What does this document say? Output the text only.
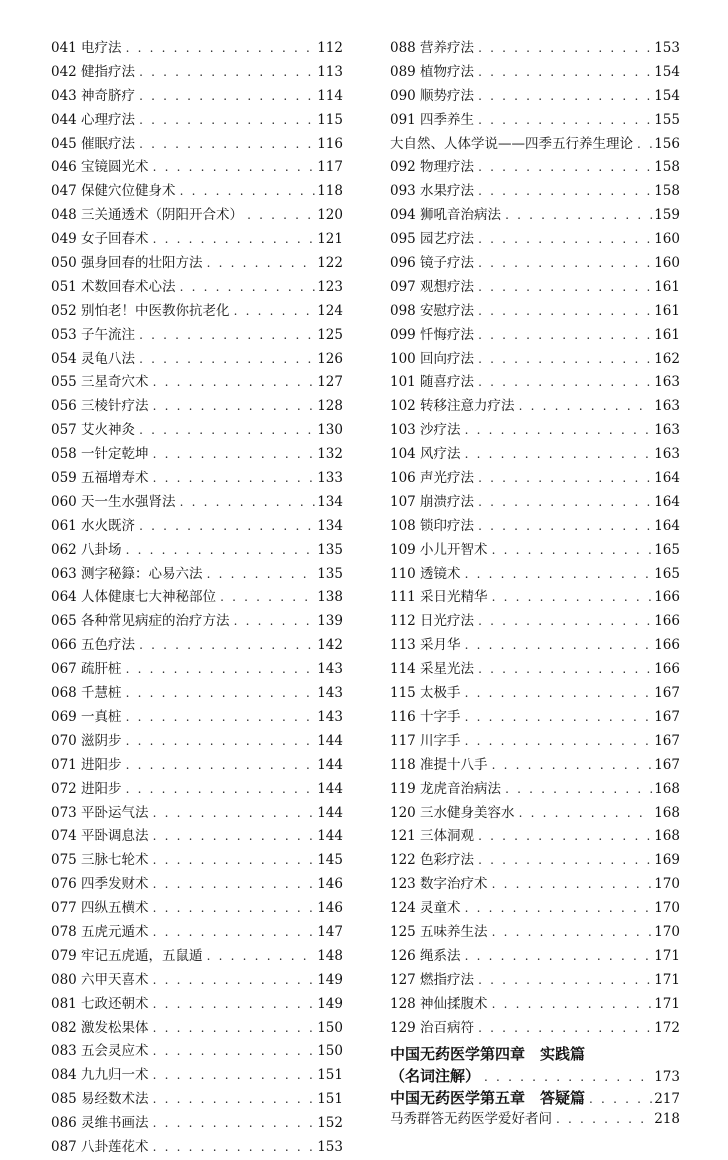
041 电疗法 . . .	112
042 健指疗法 . . .	113
043 神奇脐疗 . . .	114
044 心理疗法 . . .	115
045 催眠疗法 . . .	116
046 宝镜圆光术 . . .	117
047 保健穴位健身术 . . .	118
048 三关通透术（阴阳开合术） . . .	120
049 女子回春术 . . .	121
050 强身回春的壮阳方法 . . .	122
051 术数回春术心法 . . .	123
052 别怕老！中医教你抗老化 . . .	124
053 子午流注 . . .	125
054 灵龟八法 . . .	126
055 三星奇穴术 . . .	127
056 三棱针疗法 . . .	128
057 艾火神灸 . . .	130
058 一针定乾坤 . . .	132
059 五福增寿术 . . .	133
060 天一生水强肾法 . . .	134
061 水火既济 . . .	134
062 八卦场 . . .	135
063 测字秘籙：心易六法 . . .	135
064 人体健康七大神秘部位 . . .	138
065 各种常见病症的治疗方法 . . .	139
066 五色疗法 . . .	142
067 疏肝桩 . . .	143
068 千慧桩 . . .	143
069 一真桩 . . .	143
070 滋阴步 . . .	144
071 进阳步 . . .	144
072 进阳步 . . .	144
073 平卧运气法 . . .	144
074 平卧调息法 . . .	144
075 三脉七轮术 . . .	145
076 四季发财术 . . .	146
077 四纵五横术 . . .	146
078 五虎元遁术 . . .	147
079 牢记五虎遁，五鼠遁 . . .	148
080 六甲天喜术 . . .	149
081 七政还朝术 . . .	149
082 激发松果体 . . .	150
083 五会灵应术 . . .	150
084 九九归一术 . . .	151
085 易经数术法 . . .	151
086 灵维书画法 . . .	152
087 八卦莲花术 . . .	153
088 营养疗法 . . .	153
089 植物疗法 . . .	154
090 顺势疗法 . . .	154
091 四季养生 . . .	155
大自然、人体学说——四季五行养生理论 . . . 156
092 物理疗法 . . .	158
093 水果疗法 . . .	158
094 狮吼音治病法 . . .	159
095 园艺疗法 . . .	160
096 镜子疗法 . . .	160
097 观想疗法 . . .	161
098 安慰疗法 . . .	161
099 忏悔疗法 . . .	161
100 回向疗法 . . .	162
101 随喜疗法 . . .	163
102 转移注意力疗法 . . .	163
103 沙疗法 . . .	163
104 风疗法 . . .	163
106 声光疗法 . . .	164
107 崩溃疗法 . . .	164
108 锁印疗法 . . .	164
109 小儿开智术 . . .	165
110 透镜术 . . .	165
111 采日光精华 . . .	166
112 日光疗法 . . .	166
113 采月华 . . .	166
114 采星光法 . . .	166
115 太极手 . . .	167
116 十字手 . . .	167
117 川字手 . . .	167
118 准提十八手 . . .	167
119 龙虎音治病法 . . .	168
120 三水健身美容水 . . .	168
121 三体洞观 . . .	168
122 色彩疗法 . . .	169
123 数字治疗术 . . .	170
124 灵童术 . . .	170
125 五味养生法 . . .	170
126 绳系法 . . .	171
127 燃指疗法 . . .	171
128 神仙揉腹术 . . .	171
129 治百病符 . . .	172
中国无药医学第四章　实践篇
（名词注解） . . .	173
中国无药医学第五章　答疑篇 . . .	217
马秀群答无药医学爱好者问 . . .	218
